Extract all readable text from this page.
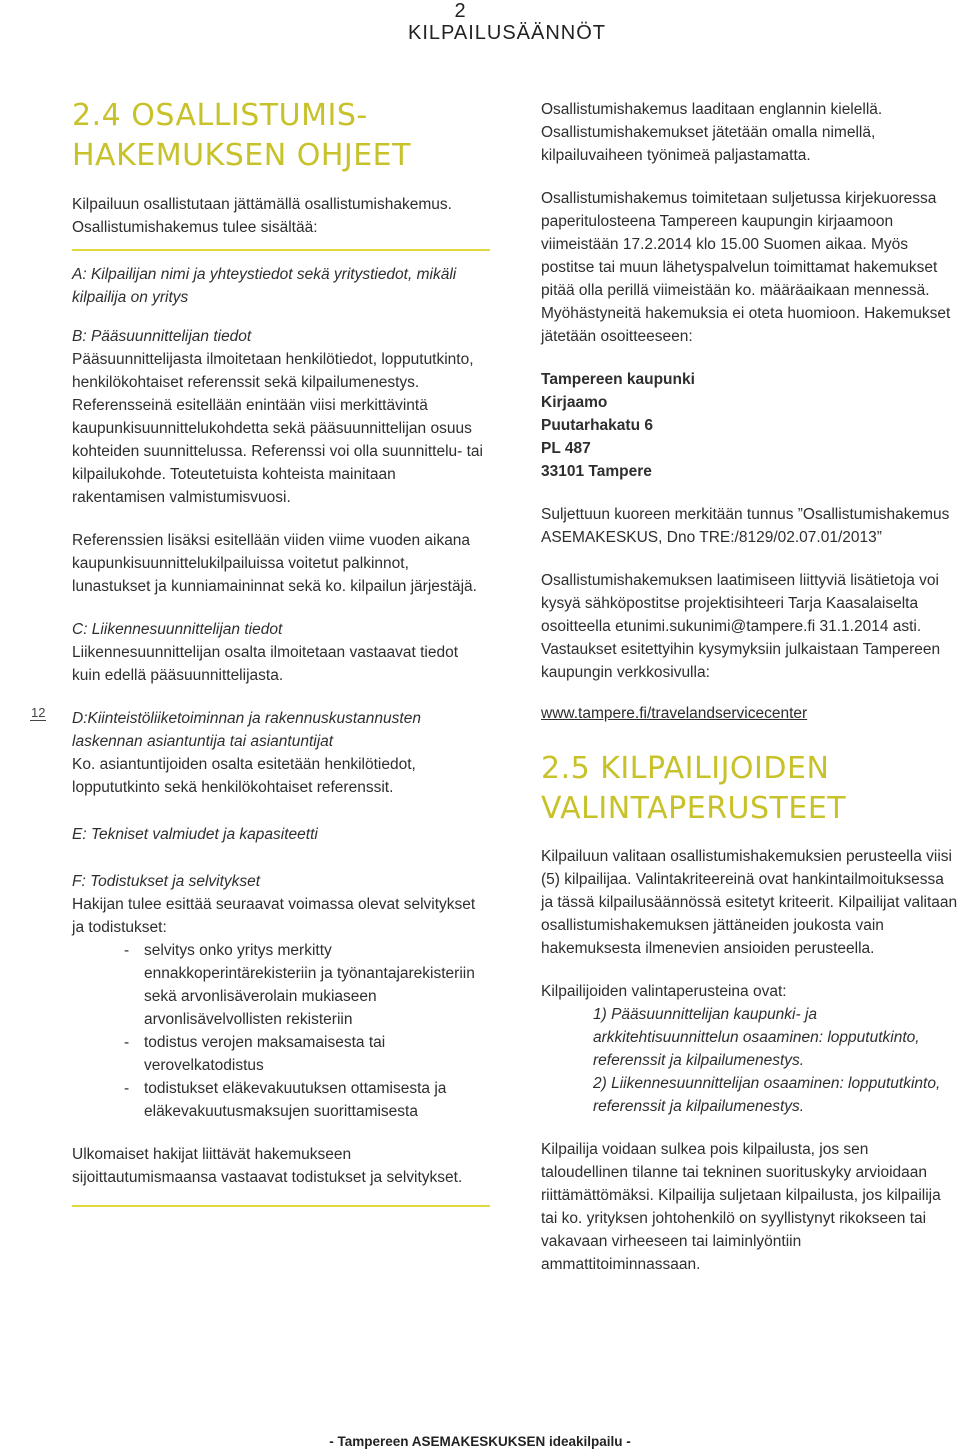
2
KILPAILUSÄÄNNÖT
12
2.4 OSALLISTUMIS-
HAKEMUKSEN OHJEET

Kilpailuun osallistutaan jättämällä osallistumishakemus. Osallistumishakemus tulee sisältää:

A: Kilpailijan nimi ja yhteystiedot sekä yritystiedot, mikäli kilpailija on yritys

B: Pääsuunnittelijan tiedot

Pääsuunnittelijasta ilmoitetaan henkilötiedot, loppututkinto, henkilökohtaiset referenssit sekä kilpailumenestys. Referensseinä esitellään enintään viisi merkittävintä kaupunkisuunnittelukohdetta sekä pääsuunnittelijan osuus kohteiden suunnittelussa. Referenssi voi olla suunnittelu- tai kilpailukohde. Toteutetuista kohteista mainitaan rakentamisen valmistumisvuosi.

Referenssien lisäksi esitellään viiden viime vuoden aikana kaupunkisuunnittelukilpailuissa voitetut palkinnot, lunastukset ja kunniamaininnat sekä ko. kilpailun järjestäjä.

C: Liikennesuunnittelijan tiedot

Liikennesuunnittelijan osalta ilmoitetaan vastaavat tiedot kuin edellä pääsuunnittelijasta.

D:Kiinteistöliiketoiminnan ja rakennuskustannusten laskennan asiantuntija tai asiantuntijat

Ko. asiantuntijoiden osalta esitetään henkilötiedot, loppututkinto sekä henkilökohtaiset referenssit.

E: Tekniset valmiudet ja kapasiteetti

F: Todistukset ja selvitykset

Hakijan tulee esittää seuraavat voimassa olevat selvitykset ja todistukset:

- selvitys onko yritys merkitty ennakkoperintärekisteriin ja työnantajarekisteriin sekä arvonlisäverolain mukiaseen arvonlisävelvollisten rekisteriin
- todistus verojen maksamaisesta tai verovelkatodistus
- todistukset eläkevakuutuksen ottamisesta ja eläkevakuutusmaksujen suorittamisesta

Ulkomaiset hakijat liittävät hakemukseen sijoittautumismaansa vastaavat todistukset ja selvitykset.

Osallistumishakemus laaditaan englannin kielellä. Osallistumishakemukset jätetään omalla nimellä, kilpailuvaiheen työnimeä paljastamatta.

Osallistumishakemus toimitetaan suljetussa kirjekuoressa paperitulosteena Tampereen kaupungin kirjaamoon viimeistään 17.2.2014 klo 15.00 Suomen aikaa. Myös postitse tai muun lähetyspalvelun toimittamat hakemukset pitää olla perillä viimeistään ko. määräaikaan mennessä. Myöhästyneitä hakemuksia ei oteta huomioon. Hakemukset jätetään osoitteeseen:

Tampereen kaupunki
Kirjaamo
Puutarhakatu 6
PL 487
33101 Tampere

Suljettuun kuoreen merkitään tunnus ”Osallistumishakemus ASEMAKESKUS, Dno TRE:/8129/02.07.01/2013”

Osallistumishakemuksen laatimiseen liittyviä lisätietoja voi kysyä sähköpostitse projektisihteeri Tarja Kaasalaiselta osoitteella etunimi.sukunimi@tampere.fi 31.1.2014 asti. Vastaukset esitettyihin kysymyksiin julkaistaan Tampereen kaupungin verkkosivulla:

www.tampere.fi/travelandservicecenter

2.5 KILPAILIJOIDEN
VALINTAPERUSTEET

Kilpailuun valitaan osallistumishakemuksien perusteella viisi (5) kilpailijaa. Valintakriteereinä ovat hankintailmoituksessa ja tässä kilpailusäännössä esitetyt kriteerit. Kilpailijat valitaan osallistumishakemuksen jättäneiden joukosta vain hakemuksesta ilmenevien ansioiden perusteella.

Kilpailijoiden valintaperusteina ovat:

1) Pääsuunnittelijan kaupunki- ja arkkitehtisuunnittelun osaaminen: loppututkinto, referenssit ja kilpailumenestys.
2) Liikennesuunnittelijan osaaminen: loppututkinto, referenssit ja kilpailumenestys.

Kilpailija voidaan sulkea pois kilpailusta, jos sen taloudellinen tilanne tai tekninen suorituskyky arvioidaan riittämättömäksi. Kilpailija suljetaan kilpailusta, jos kilpailija tai ko. yrityksen johtohenkilö on syyllistynyt rikokseen tai vakavaan virheeseen tai laiminlyöntiin ammattitoiminnassaan.

- Tampereen ASEMAKESKUKSEN ideakilpailu -
